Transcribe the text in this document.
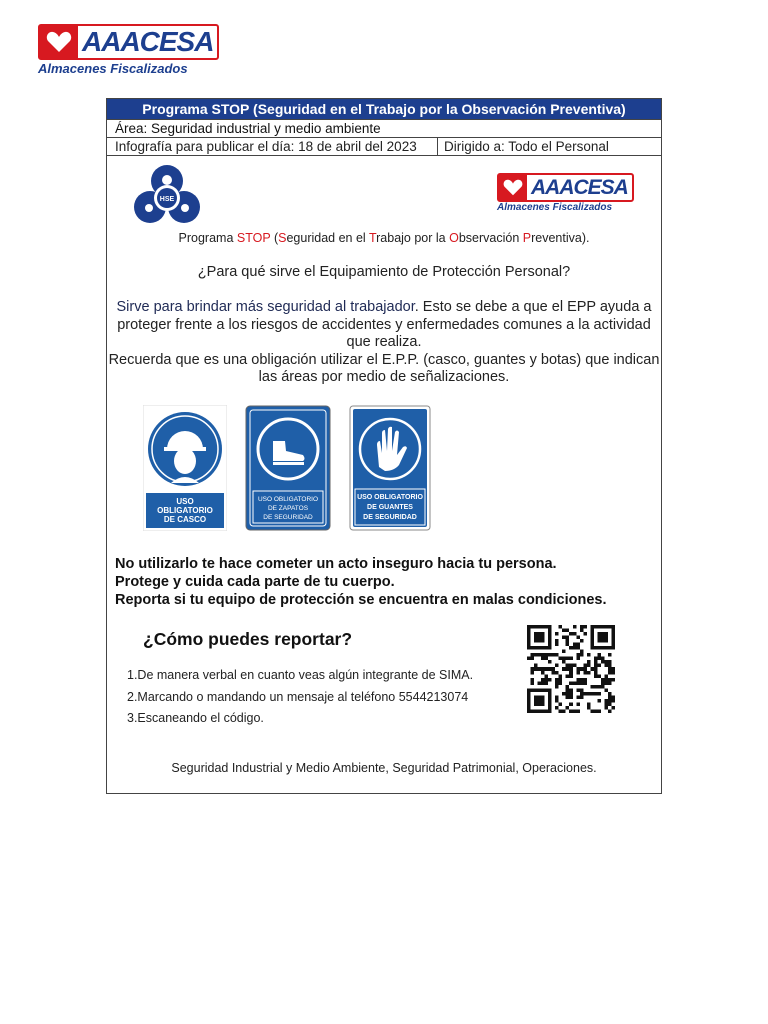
AAACESA
Almacenes Fiscalizados
Programa STOP (Seguridad en el Trabajo por la Observación Preventiva)
Área: Seguridad industrial y medio ambiente
Infografía para publicar el día: 18 de abril del 2023	Dirigido a: Todo el Personal
HSE
AAACESA
Almacenes Fiscalizados
Programa STOP (Seguridad en el Trabajo por la Observación Preventiva).
¿Para qué sirve el Equipamiento de Protección Personal?
Sirve para brindar más seguridad al trabajador. Esto se debe a que el EPP ayuda a proteger frente a los riesgos de accidentes y enfermedades comunes a la actividad que realiza.
Recuerda que es una obligación utilizar el E.P.P. (casco, guantes y botas) que indican las áreas por medio de señalizaciones.
USO
OBLIGATORIO
DE CASCO
USO OBLIGATORIO
DE ZAPATOS
DE SEGURIDAD
USO OBLIGATORIO
DE GUANTES
DE SEGURIDAD
No utilizarlo te hace cometer un acto inseguro hacia tu persona.
Protege y cuida cada parte de tu cuerpo.
Reporta si tu equipo de protección se encuentra en malas condiciones.
¿Cómo puedes reportar?
1.De manera verbal en cuanto veas algún integrante de SIMA.
2.Marcando o mandando un mensaje al teléfono 5544213074
3.Escaneando el código.
Seguridad Industrial y Medio Ambiente, Seguridad Patrimonial, Operaciones.
